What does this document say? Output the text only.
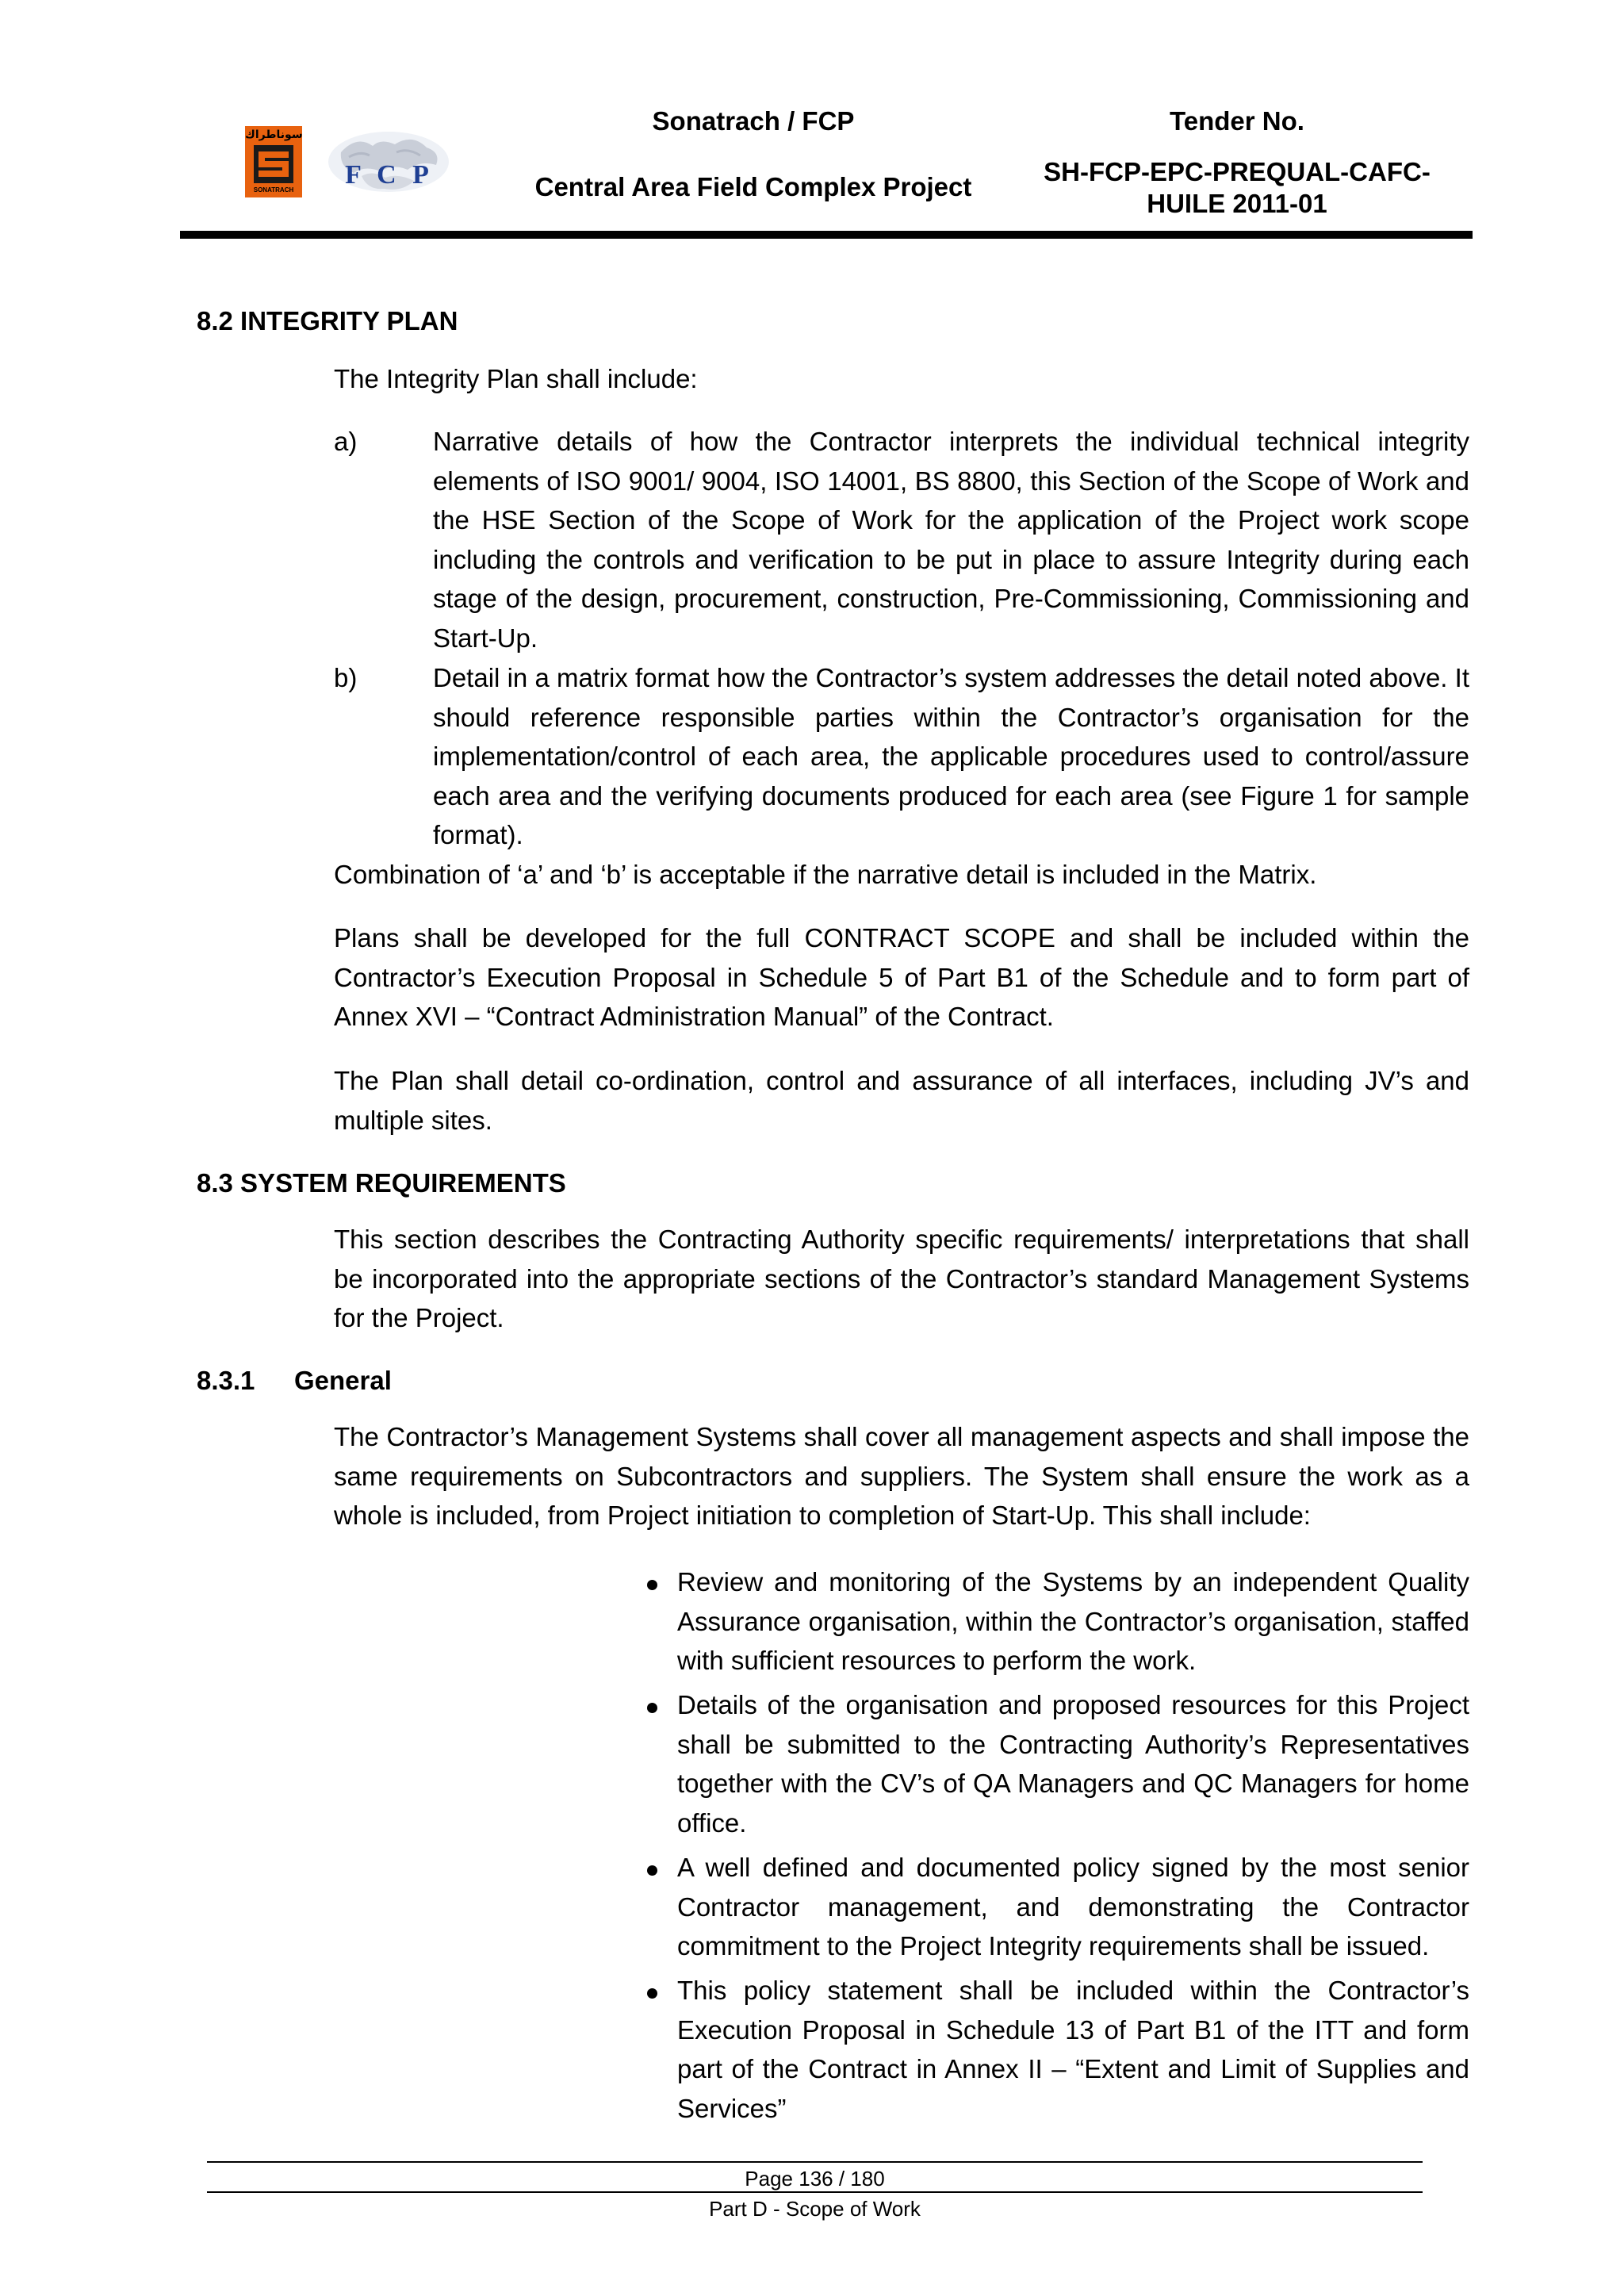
سوناطراك
SONATRACH
F C P
Sonatrach / FCP
Central Area Field Complex Project
Tender No.
SH-FCP-EPC-PREQUAL-CAFC-
HUILE 2011-01
8.2 INTEGRITY PLAN
The Integrity Plan shall include:
a)	Narrative details of how the Contractor interprets the individual technical integrity elements of ISO 9001/ 9004, ISO 14001, BS 8800, this Section of the Scope of Work and the HSE Section of the Scope of Work for the application of the Project work scope including the controls and verification to be put in place to assure Integrity during each stage of the design, procurement, construction, Pre-Commissioning, Commissioning and Start-Up.

b)	Detail in a matrix format how the Contractor’s system addresses the detail noted above. It should reference responsible parties within the Contractor’s organisation for the implementation/control of each area, the applicable procedures used to control/assure each area and the verifying documents produced for each area (see Figure 1 for sample format).

Combination of ‘a’ and ‘b’ is acceptable if the narrative detail is included in the Matrix.

Plans shall be developed for the full CONTRACT SCOPE and shall be included within the Contractor’s Execution Proposal in Schedule 5 of Part B1 of the Schedule and to form part of Annex XVI – “Contract Administration Manual” of the Contract.

The Plan shall detail co-ordination, control and assurance of all interfaces, including JV’s and multiple sites.

8.3 SYSTEM REQUIREMENTS

This section describes the Contracting Authority specific requirements/ interpretations that shall be incorporated into the appropriate sections of the Contractor’s standard Management Systems for the Project.

8.3.1 General

The Contractor’s Management Systems shall cover all management aspects and shall impose the same requirements on Subcontractors and suppliers. The System shall ensure the work as a whole is included, from Project initiation to completion of Start-Up. This shall include:

Review and monitoring of the Systems by an independent Quality Assurance organisation, within the Contractor’s organisation, staffed with sufficient resources to perform the work.

Details of the organisation and proposed resources for this Project shall be submitted to the Contracting Authority’s Representatives together with the CV’s of QA Managers and QC Managers for home office.

A well defined and documented policy signed by the most senior Contractor management, and demonstrating the Contractor commitment to the Project Integrity requirements shall be issued.

This policy statement shall be included within the Contractor’s Execution Proposal in Schedule 13 of Part B1 of the ITT and form part of the Contract in Annex II – “Extent and Limit of Supplies and Services”

Page 136 / 180
Part D - Scope of Work
